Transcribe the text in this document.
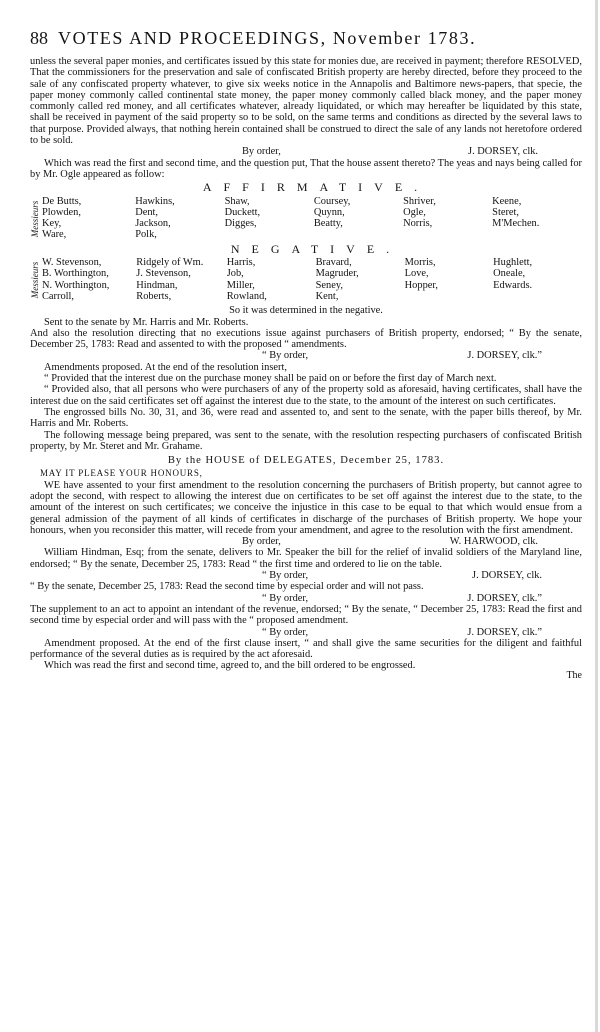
88 VOTES AND PROCEEDINGS, November 1783.

unless the several paper monies, and certificates issued by this state for monies due, are received in payment; therefore RESOLVED, That the commissioners for the preservation and sale of confiscated British property are hereby directed, before they proceed to the sale of any confiscated property whatever, to give six weeks notice in the Annapolis and Baltimore news-papers, that specie, the paper money commonly called continental state money, the paper money commonly called black money, and the paper money commonly called red money, and all certificates whatever, already liquidated, or which may hereafter be liquidated by this state, shall be received in payment of the said property so to be sold, on the same terms and conditions as directed by the several laws to that purpose. Provided always, that nothing herein contained shall be construed to direct the sale of any lands not heretofore ordered to be sold.

By order,	J. DORSEY, clk.

Which was read the first and second time, and the question put, That the house assent thereto? The yeas and nays being called for by Mr. Ogle appeared as follow:

AFFIRMATIVE.
Messieurs De Butts,	Hawkins,	Shaw,	Coursey,	Shriver,	Keene,
Plowden,	Dent,	Duckett,	Quynn,	Ogle,	Steret,
Key,	Jackson,	Digges,	Beatty,	Norris,	M'Mechen.
Ware,	Polk,				
NEGATIVE.
Messieurs W. Stevenson,	Ridgely of Wm.	Harris,	Bravard,	Morris,	Hughlett,
B. Worthington,	J. Stevenson,	Job,	Magruder,	Love,	Oneale,
N. Worthington,	Hindman,	Miller,	Seney,	Hopper,	Edwards.
Carroll,	Roberts,	Rowland,	Kent,		

So it was determined in the negative.

Sent to the senate by Mr. Harris and Mr. Roberts.

And also the resolution directing that no executions issue against purchasers of British property, endorsed; “ By the senate, December 25, 1783: Read and assented to with the proposed “ amendments.

“ By order,	J. DORSEY, clk.”

Amendments proposed. At the end of the resolution insert,

“ Provided that the interest due on the purchase money shall be paid on or before the first day of March next.

“ Provided also, that all persons who were purchasers of any of the property sold as aforesaid, having certificates, shall have the interest due on the said certificates set off against the interest due to the state, to the amount of the interest on such certificates.

The engrossed bills No. 30, 31, and 36, were read and assented to, and sent to the senate, with the paper bills thereof, by Mr. Harris and Mr. Roberts.

The following message being prepared, was sent to the senate, with the resolution respecting purchasers of confiscated British property, by Mr. Steret and Mr. Grahame.

By the HOUSE of DELEGATES, December 25, 1783.
MAY IT PLEASE YOUR HONOURS,

WE have assented to your first amendment to the resolution concerning the purchasers of British property, but cannot agree to adopt the second, with respect to allowing the interest due on certificates to be set off against the interest due to the state, to the amount of the interest on such certificates; we conceive the injustice in this case to be equal to that which would ensue from a general admission of the payment of all kinds of certificates in discharge of the purchases of British property. We hope your honours, when you reconsider this matter, will recede from your amendment, and agree to the resolution with the first amendment.

By order,	W. HARWOOD, clk.

William Hindman, Esq; from the senate, delivers to Mr. Speaker the bill for the relief of invalid soldiers of the Maryland line, endorsed; “ By the senate, December 25, 1783: Read “ the first time and ordered to lie on the table.

“ By order,	J. DORSEY, clk.

“ By the senate, December 25, 1783: Read the second time by especial order and will not pass.

“ By order,	J. DORSEY, clk.”

The supplement to an act to appoint an intendant of the revenue, endorsed; “ By the senate, “ December 25, 1783: Read the first and second time by especial order and will pass with the “ proposed amendment.

“ By order,	J. DORSEY, clk.”

Amendment proposed. At the end of the first clause insert, “ and shall give the same securities for the diligent and faithful performance of the several duties as is required by the act aforesaid.

Which was read the first and second time, agreed to, and the bill ordered to be engrossed.

The
